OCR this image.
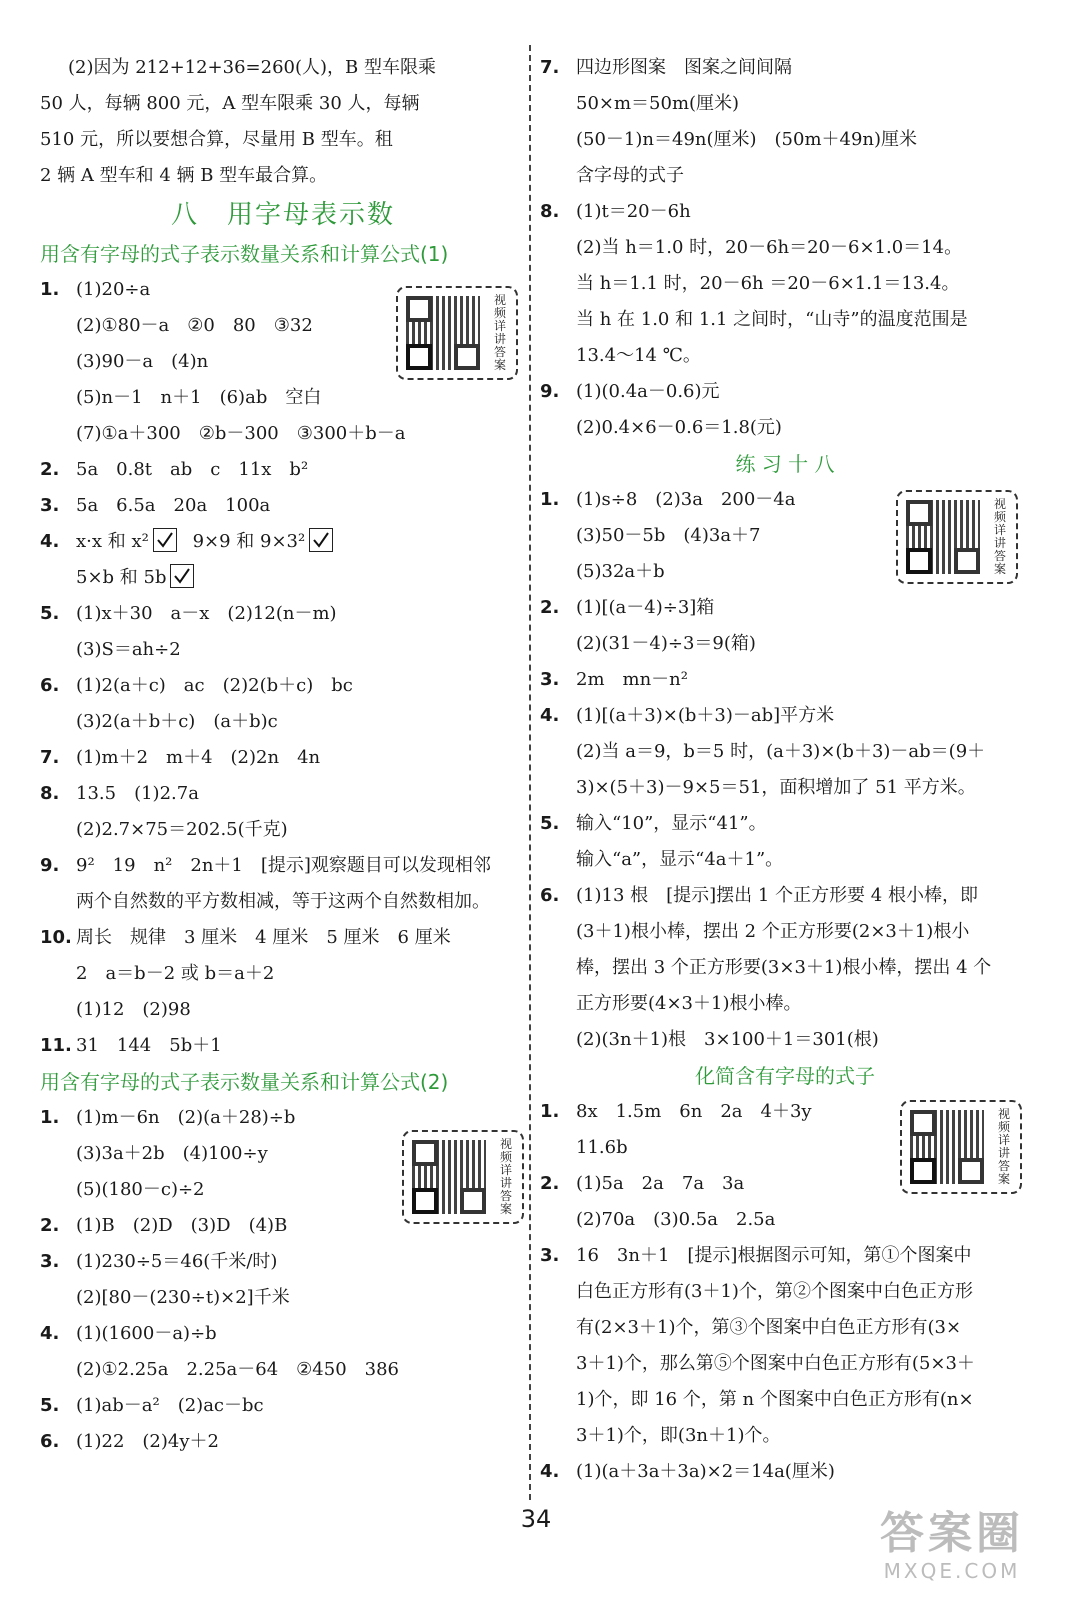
(2)因为 212+12+36=260(人)，B 型车限乘
50 人，每辆 800 元，A 型车限乘 30 人，每辆
510 元，所以要想合算，尽量用 B 型车。租
2 辆 A 型车和 4 辆 B 型车最合算。
八　用字母表示数
用含有字母的式子表示数量关系和计算公式(1)
1. (1)20÷a
(2)①80－a　②0　80　③32
(3)90－a　(4)n
(5)n－1　n＋1　(6)ab　空白
(7)①a＋300　②b－300　③300＋b－a
2. 5a　0.8t　ab　c　11x　b²
3. 5a　6.5a　20a　100a
4. x·x 和 x² 9×9 和 9×3²
5×b 和 5b
5. (1)x＋30　a－x　(2)12(n－m)
(3)S＝ah÷2
6. (1)2(a＋c)　ac　(2)2(b＋c)　bc
(3)2(a＋b＋c)　(a＋b)c
7. (1)m＋2　m＋4　(2)2n　4n
8. 13.5　(1)2.7a
(2)2.7×75＝202.5(千克)
9. 9²　19　n²　2n＋1　[提示]观察题目可以发现相邻
两个自然数的平方数相减，等于这两个自然数相加。
10. 周长　规律　3 厘米　4 厘米　5 厘米　6 厘米
2　a＝b－2 或 b＝a＋2
(1)12　(2)98
11. 31　144　5b＋1
用含有字母的式子表示数量关系和计算公式(2)
1. (1)m－6n　(2)(a＋28)÷b
(3)3a＋2b　(4)100÷y
(5)(180－c)÷2
2. (1)B　(2)D　(3)D　(4)B
3. (1)230÷5＝46(千米/时)
(2)[80－(230÷t)×2]千米
4. (1)(1600－a)÷b
(2)①2.25a　2.25a－64　②450　386
5. (1)ab－a²　(2)ac－bc
6. (1)22　(2)4y＋2
7. 四边形图案　图案之间间隔
50×m＝50m(厘米)
(50－1)n＝49n(厘米)　(50m＋49n)厘米
含字母的式子
8. (1)t＝20－6h
(2)当 h＝1.0 时，20－6h＝20－6×1.0＝14。
当 h＝1.1 时，20－6h ＝20－6×1.1＝13.4。
当 h 在 1.0 和 1.1 之间时，“山寺”的温度范围是
13.4～14 ℃。
9. (1)(0.4a－0.6)元
(2)0.4×6－0.6＝1.8(元)
练 习 十 八
1. (1)s÷8　(2)3a　200－4a
(3)50－5b　(4)3a＋7
(5)32a＋b
2. (1)[(a－4)÷3]箱
(2)(31－4)÷3＝9(箱)
3. 2m　mn－n²
4. (1)[(a＋3)×(b＋3)－ab]平方米
(2)当 a＝9，b＝5 时，(a＋3)×(b＋3)－ab＝(9＋
3)×(5＋3)－9×5＝51，面积增加了 51 平方米。
5. 输入“10”，显示“41”。
输入“a”，显示“4a＋1”。
6. (1)13 根　[提示]摆出 1 个正方形要 4 根小棒，即
(3＋1)根小棒，摆出 2 个正方形要(2×3＋1)根小
棒，摆出 3 个正方形要(3×3＋1)根小棒，摆出 4 个
正方形要(4×3＋1)根小棒。
(2)(3n＋1)根　3×100＋1＝301(根)
化简含有字母的式子
1. 8x　1.5m　6n　2a　4＋3y
11.6b
2. (1)5a　2a　7a　3a
(2)70a　(3)0.5a　2.5a
3. 16　3n＋1　[提示]根据图示可知，第①个图案中
白色正方形有(3＋1)个，第②个图案中白色正方形
有(2×3＋1)个，第③个图案中白色正方形有(3×
3＋1)个，那么第⑤个图案中白色正方形有(5×3＋
1)个，即 16 个，第 n 个图案中白色正方形有(n×
3＋1)个，即(3n＋1)个。
4. (1)(a＋3a＋3a)×2＝14a(厘米)
视频详讲答案
视频详讲答案
视频详讲答案
视频详讲答案
34	答案圈
MXQE.COM
